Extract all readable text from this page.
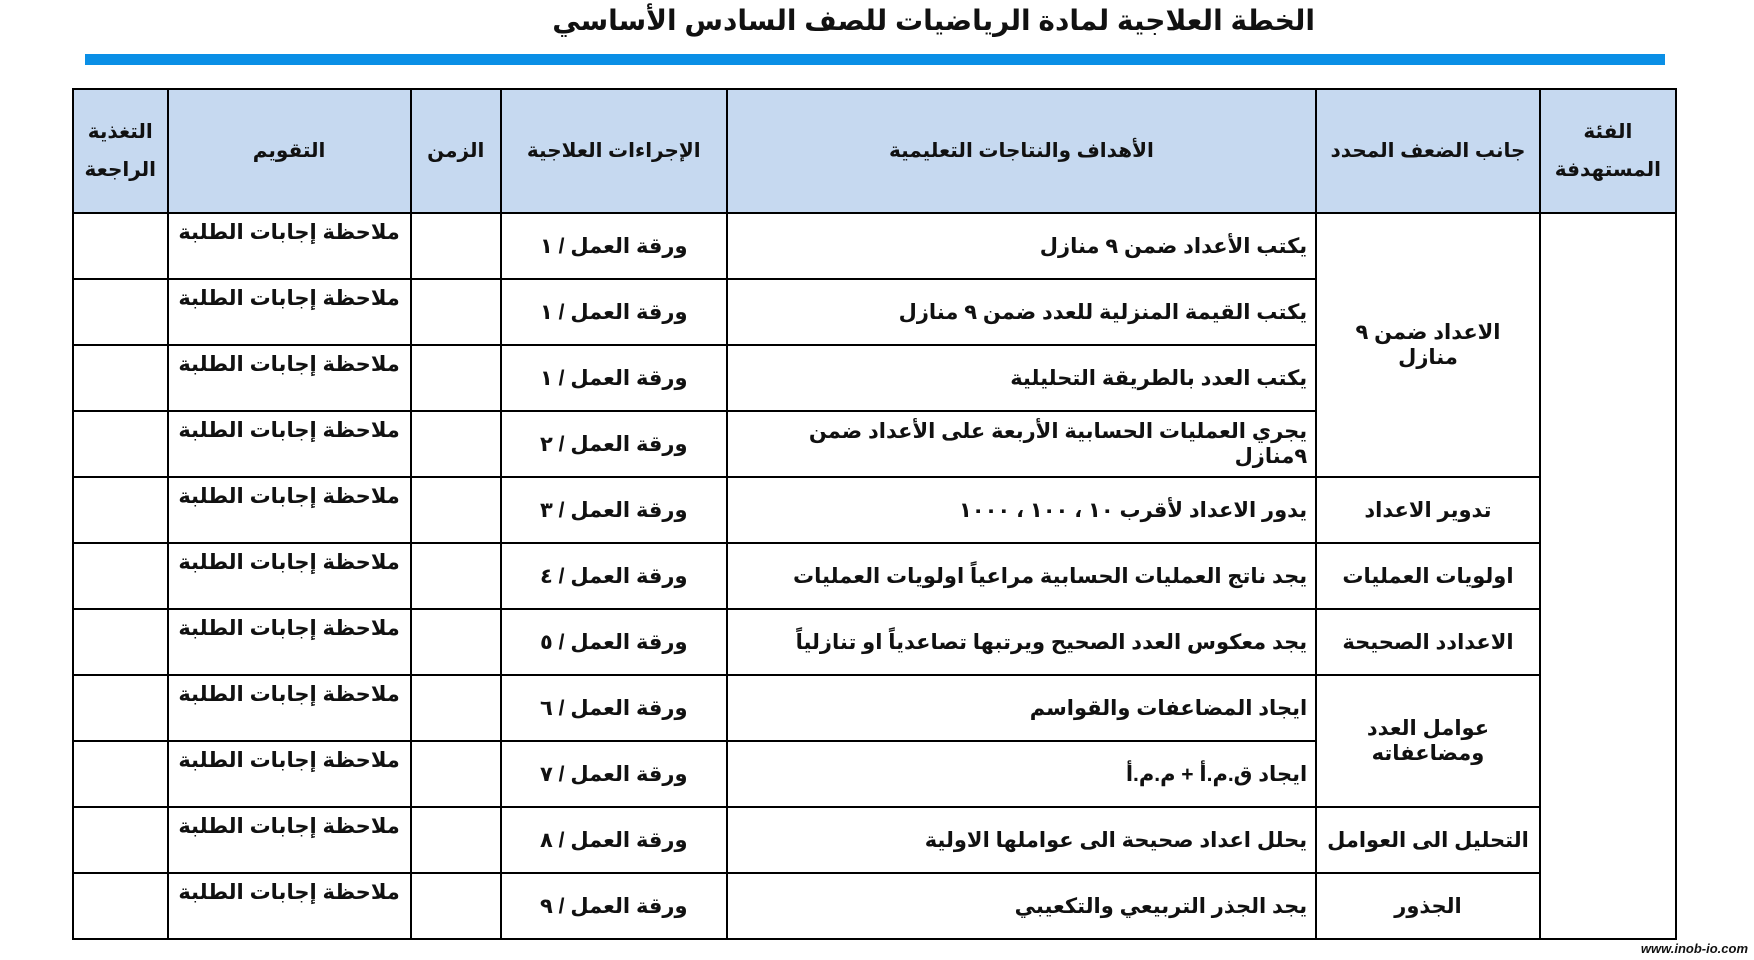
الخطة العلاجية لمادة الرياضيات للصف السادس الأساسي
الفئة المستهدفة	جانب الضعف المحدد	الأهداف والنتاجات التعليمية	الإجراءات العلاجية	الزمن	التقويم	التغذية الراجعة
	الاعداد ضمن ٩ منازل	يكتب الأعداد ضمن ٩ منازل	ورقة العمل / ١		ملاحظة إجابات الطلبة	
		يكتب القيمة المنزلية للعدد ضمن ٩ منازل	ورقة العمل / ١		ملاحظة إجابات الطلبة	
		يكتب العدد بالطريقة التحليلية	ورقة العمل / ١		ملاحظة إجابات الطلبة	
		يجري العمليات الحسابية الأربعة على الأعداد ضمن ٩منازل	ورقة العمل / ٢		ملاحظة إجابات الطلبة	
	تدوير الاعداد	يدور الاعداد لأقرب ١٠ ، ١٠٠ ، ١٠٠٠	ورقة العمل / ٣		ملاحظة إجابات الطلبة	
	اولويات العمليات	يجد ناتج العمليات الحسابية مراعياً اولويات العمليات	ورقة العمل / ٤		ملاحظة إجابات الطلبة	
	الاعدادد الصحيحة	يجد معكوس العدد الصحيح ويرتبها تصاعدياً او تنازلياً	ورقة العمل / ٥		ملاحظة إجابات الطلبة	
	عوامل العدد ومضاعفاته	ايجاد المضاعفات والقواسم	ورقة العمل / ٦		ملاحظة إجابات الطلبة	
		ايجاد ق.م.أ + م.م.أ	ورقة العمل / ٧		ملاحظة إجابات الطلبة	
	التحليل الى العوامل	يحلل اعداد صحيحة الى عواملها الاولية	ورقة العمل / ٨		ملاحظة إجابات الطلبة	
	الجذور	يجد الجذر التربيعي والتكعيبي	ورقة العمل / ٩		ملاحظة إجابات الطلبة	
www.inob-io.com
